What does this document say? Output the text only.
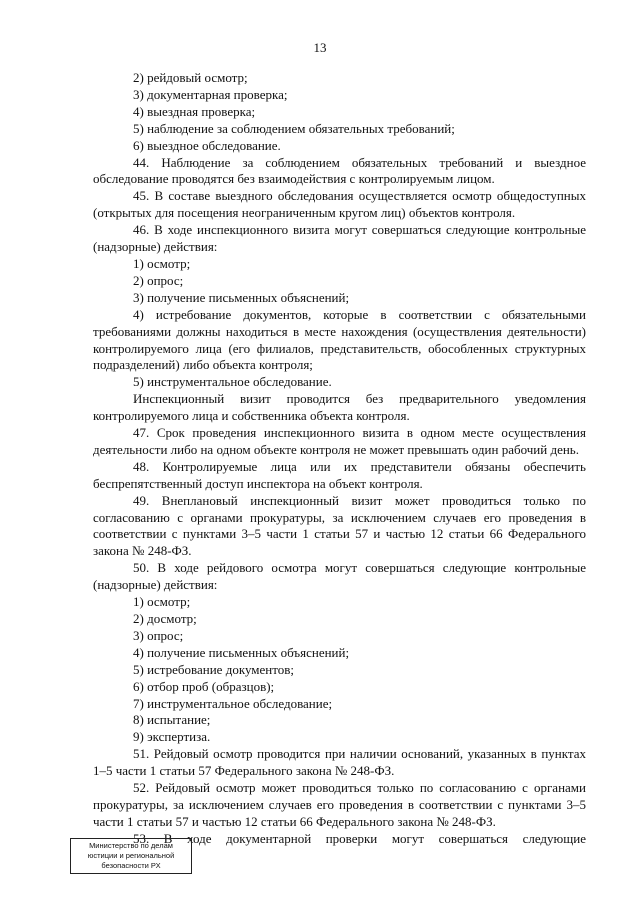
13

2) рейдовый осмотр;

3) документарная проверка;

4) выездная проверка;

5) наблюдение за соблюдением обязательных требований;

6) выездное обследование.

44. Наблюдение за соблюдением обязательных требований и выездное обследование проводятся без взаимодействия с контролируемым лицом.

45. В составе выездного обследования осуществляется осмотр общедоступных (открытых для посещения неограниченным кругом лиц) объектов контроля.

46. В ходе инспекционного визита могут совершаться следующие контрольные (надзорные) действия:

1) осмотр;

2) опрос;

3) получение письменных объяснений;

4) истребование документов, которые в соответствии с обязательными требованиями должны находиться в месте нахождения (осуществления деятельности) контролируемого лица (его филиалов, представительств, обособленных структурных подразделений) либо объекта контроля;

5) инструментальное обследование.

Инспекционный визит проводится без предварительного уведомления контролируемого лица и собственника объекта контроля.

47. Срок проведения инспекционного визита в одном месте осуществления деятельности либо на одном объекте контроля не может превышать один рабочий день.

48. Контролируемые лица или их представители обязаны обеспечить беспрепятственный доступ инспектора на объект контроля.

49. Внеплановый инспекционный визит может проводиться только по согласованию с органами прокуратуры, за исключением случаев его проведения в соответствии с пунктами 3–5 части 1 статьи 57 и частью 12 статьи 66 Федерального закона № 248-ФЗ.

50. В ходе рейдового осмотра могут совершаться следующие контрольные (надзорные) действия:

1) осмотр;

2) досмотр;

3) опрос;

4) получение письменных объяснений;

5) истребование документов;

6) отбор проб (образцов);

7) инструментальное обследование;

8) испытание;

9) экспертиза.

51. Рейдовый осмотр проводится при наличии оснований, указанных в пунктах 1–5 части 1 статьи 57 Федерального закона № 248-ФЗ.

52. Рейдовый осмотр может проводиться только по согласованию с органами прокуратуры, за исключением случаев его проведения в соответствии с пунктами 3–5 части 1 статьи 57 и частью 12 статьи 66 Федерального закона № 248-ФЗ.

53. В ходе документарной проверки могут совершаться следующие

Министерство по делам
юстиции и региональной
безопасности РХ
